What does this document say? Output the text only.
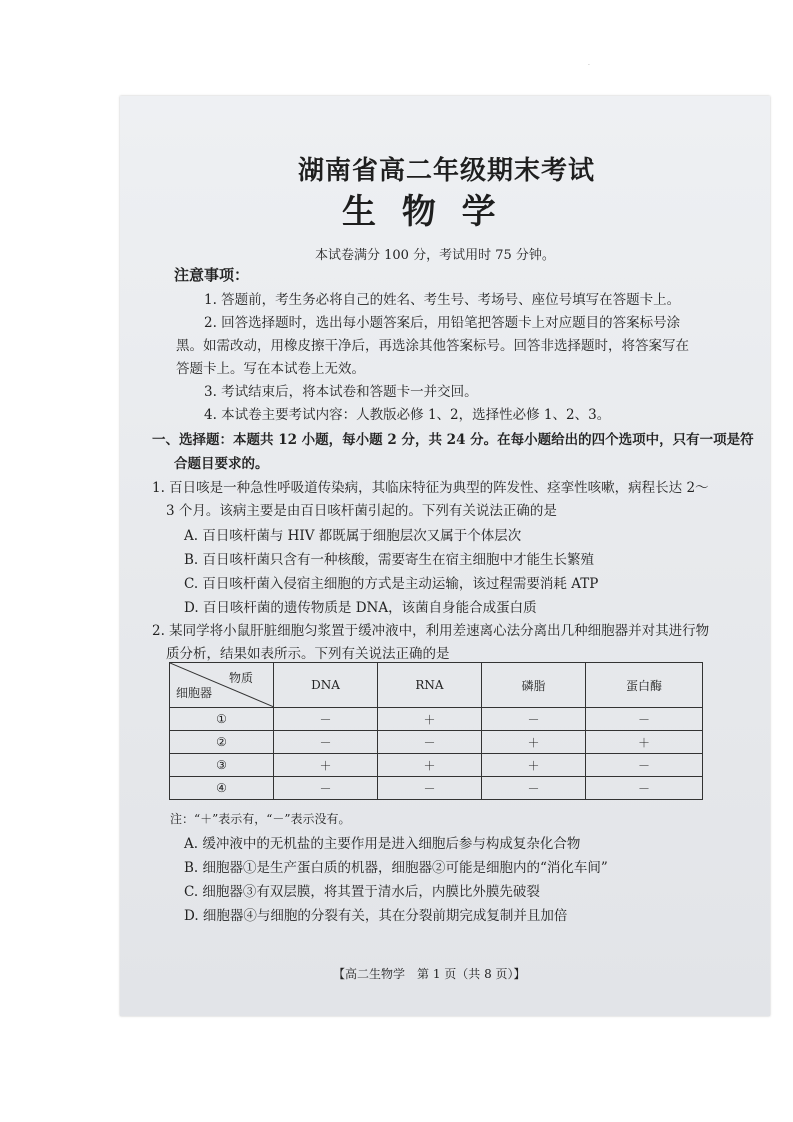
·
湖南省高二年级期末考试
生 物 学
本试卷满分 100 分，考试用时 75 分钟。
注意事项：
1. 答题前，考生务必将自己的姓名、考生号、考场号、座位号填写在答题卡上。
2. 回答选择题时，选出每小题答案后，用铅笔把答题卡上对应题目的答案标号涂
黑。如需改动，用橡皮擦干净后，再选涂其他答案标号。回答非选择题时，将答案写在
答题卡上。写在本试卷上无效。
3. 考试结束后，将本试卷和答题卡一并交回。
4. 本试卷主要考试内容：人教版必修 1、2，选择性必修 1、2、3。
一、选择题：本题共 12 小题，每小题 2 分，共 24 分。在每小题给出的四个选项中，只有一项是符
合题目要求的。
1. 百日咳是一种急性呼吸道传染病，其临床特征为典型的阵发性、痉挛性咳嗽，病程长达 2～
3 个月。该病主要是由百日咳杆菌引起的。下列有关说法正确的是
A. 百日咳杆菌与 HIV 都既属于细胞层次又属于个体层次
B. 百日咳杆菌只含有一种核酸，需要寄生在宿主细胞中才能生长繁殖
C. 百日咳杆菌入侵宿主细胞的方式是主动运输，该过程需要消耗 ATP
D. 百日咳杆菌的遗传物质是 DNA，该菌自身能合成蛋白质
2. 某同学将小鼠肝脏细胞匀浆置于缓冲液中，利用差速离心法分离出几种细胞器并对其进行物
质分析，结果如表所示。下列有关说法正确的是
物质
细胞器	DNA	RNA	磷脂	蛋白酶
①	－	＋	－	－
②	－	－	＋	＋
③	＋	＋	＋	－
④	－	－	－	－
注：“＋”表示有，“－”表示没有。
A. 缓冲液中的无机盐的主要作用是进入细胞后参与构成复杂化合物
B. 细胞器①是生产蛋白质的机器，细胞器②可能是细胞内的“消化车间”
C. 细胞器③有双层膜，将其置于清水后，内膜比外膜先破裂
D. 细胞器④与细胞的分裂有关，其在分裂前期完成复制并且加倍
【高二生物学　第 1 页（共 8 页）】
